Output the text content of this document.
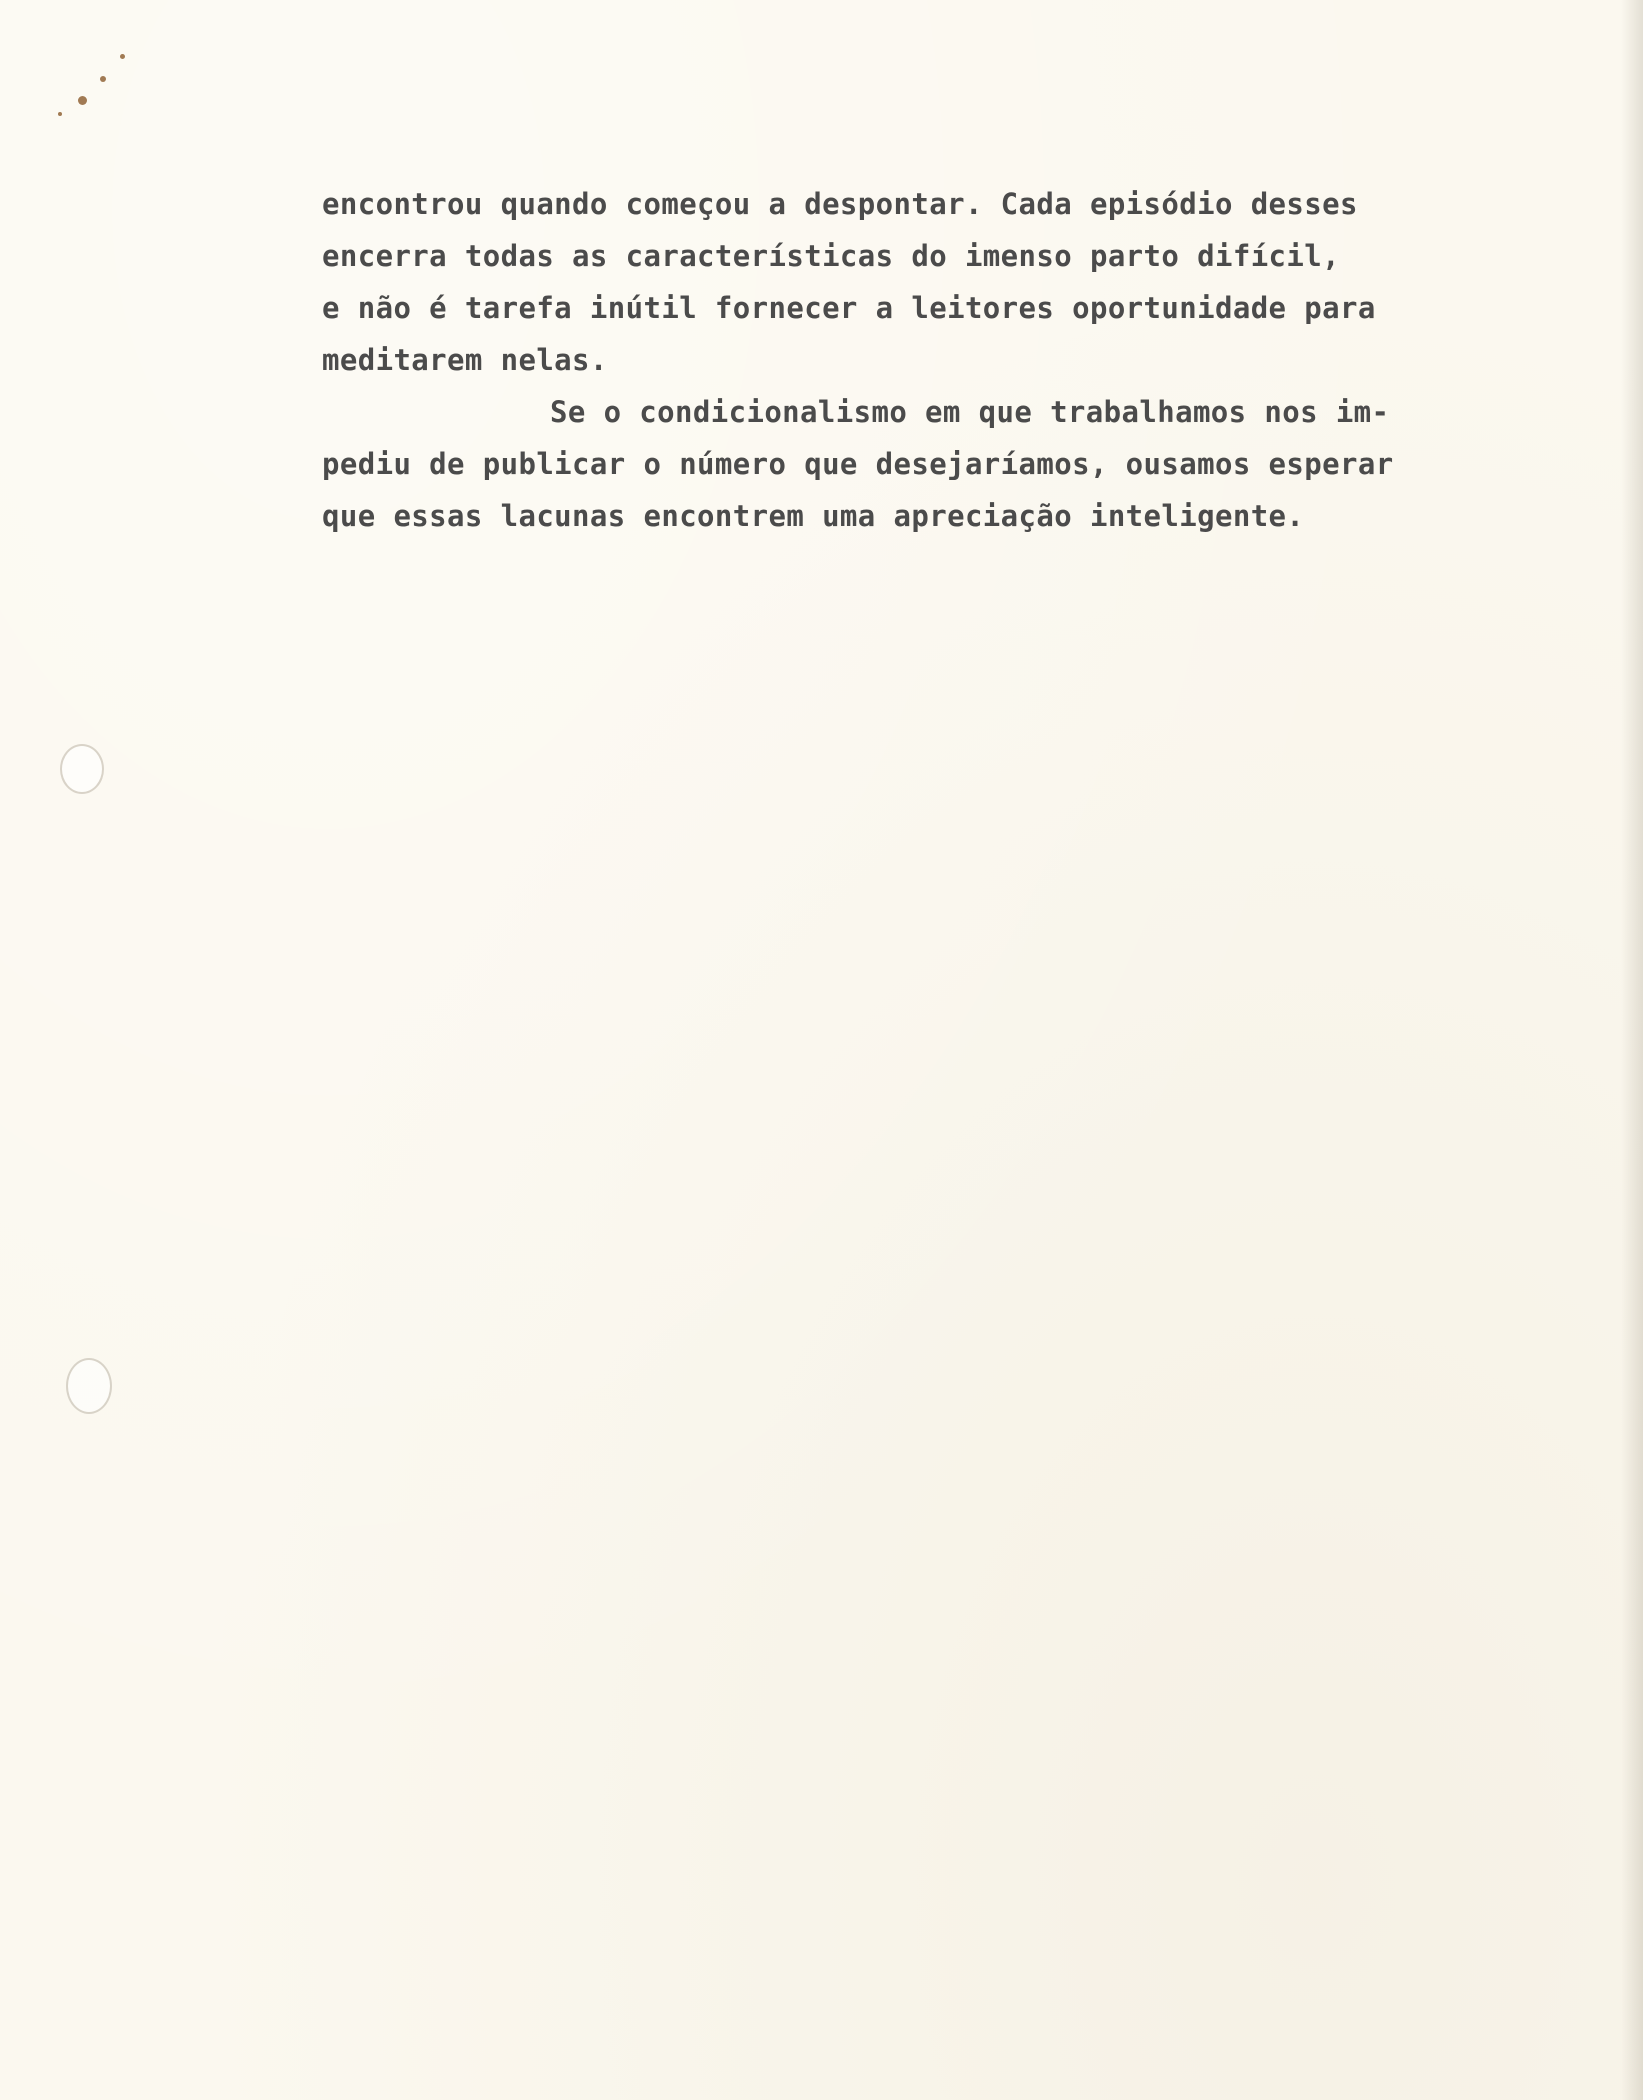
encontrou quando começou a despontar. Cada episódio desses
encerra todas as características do imenso parto difícil,
e não é tarefa inútil fornecer a leitores oportunidade para
meditarem nelas.
Se o condicionalismo em que trabalhamos nos im-
pediu de publicar o número que desejaríamos, ousamos esperar
que essas lacunas encontrem uma apreciação inteligente.
